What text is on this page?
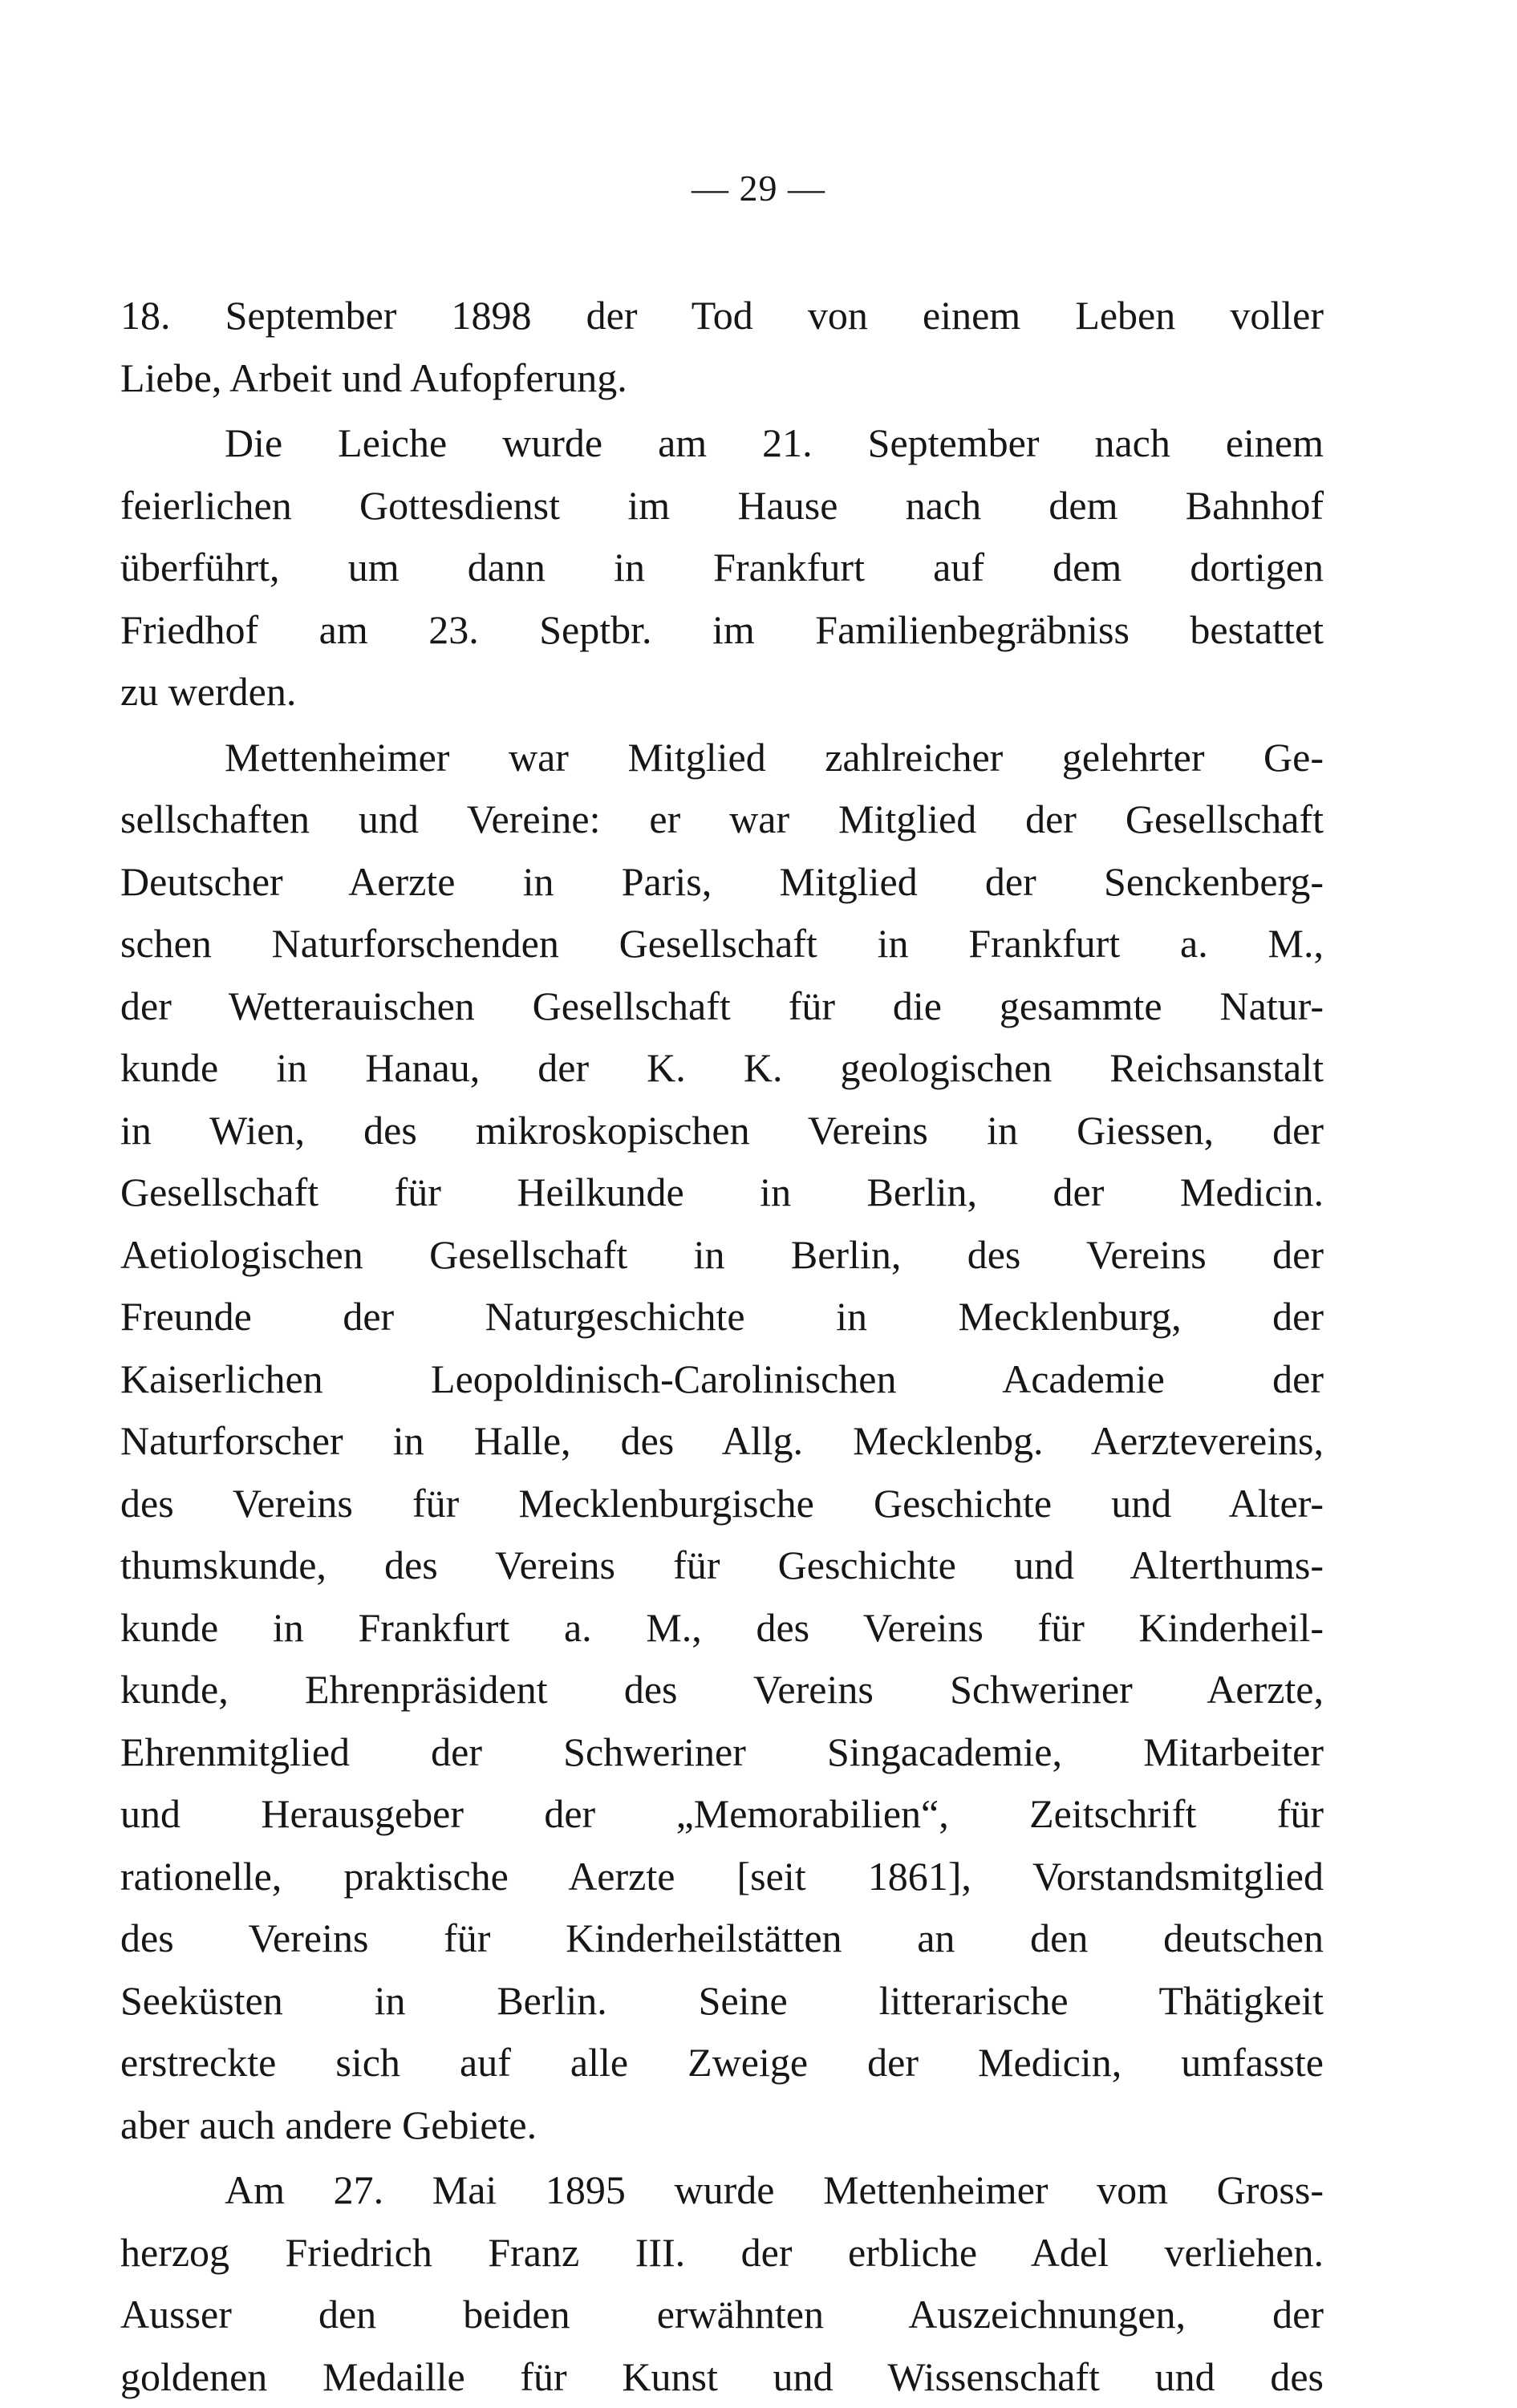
— 29 —
18. September 1898 der Tod von einem Leben voller
Liebe, Arbeit und Aufopferung.
Die Leiche wurde am 21. September nach einem
feierlichen Gottesdienst im Hause nach dem Bahnhof
überführt, um dann in Frankfurt auf dem dortigen
Friedhof am 23. Septbr. im Familienbegräbniss bestattet
zu werden.
Mettenheimer war Mitglied zahlreicher gelehrter Ge-
sellschaften und Vereine: er war Mitglied der Gesellschaft
Deutscher Aerzte in Paris, Mitglied der Senckenberg-
schen Naturforschenden Gesellschaft in Frankfurt a. M.,
der Wetterauischen Gesellschaft für die gesammte Natur-
kunde in Hanau, der K. K. geologischen Reichsanstalt
in Wien, des mikroskopischen Vereins in Giessen, der
Gesellschaft für Heilkunde in Berlin, der Medicin.
Aetiologischen Gesellschaft in Berlin, des Vereins der
Freunde der Naturgeschichte in Mecklenburg, der
Kaiserlichen Leopoldinisch-Carolinischen Academie der
Naturforscher in Halle, des Allg. Mecklenbg. Aerztevereins,
des Vereins für Mecklenburgische Geschichte und Alter-
thumskunde, des Vereins für Geschichte und Alterthums-
kunde in Frankfurt a. M., des Vereins für Kinderheil-
kunde, Ehrenpräsident des Vereins Schweriner Aerzte,
Ehrenmitglied der Schweriner Singacademie, Mitarbeiter
und Herausgeber der „Memorabilien“, Zeitschrift für
rationelle, praktische Aerzte [seit 1861], Vorstandsmitglied
des Vereins für Kinderheilstätten an den deutschen
Seeküsten in Berlin. Seine litterarische Thätigkeit
erstreckte sich auf alle Zweige der Medicin, umfasste
aber auch andere Gebiete.
Am 27. Mai 1895 wurde Mettenheimer vom Gross-
herzog Friedrich Franz III. der erbliche Adel verliehen.
Ausser den beiden erwähnten Auszeichnungen, der
goldenen Medaille für Kunst und Wissenschaft und des
